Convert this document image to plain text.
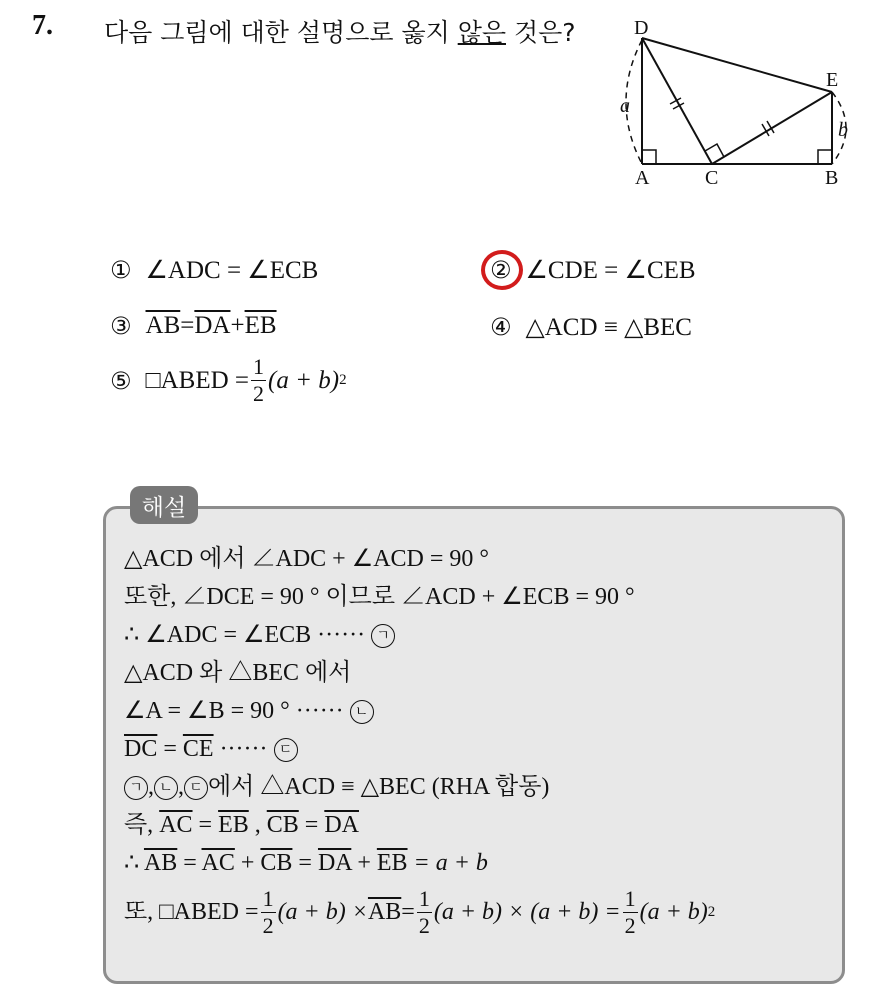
7. 다음 그림에 대한 설명으로 옳지 않은 것은?	D
E
A	C	B
a
b
① ∠ADC = ∠ECB	② ∠CDE = ∠CEB
③ $\overline{AB} = \overline{DA} + \overline{EB}$	④ △ACD ≡ △BEC
⑤ □ABED = $\frac{1}{2} (a + b)$ 2
해설
△ACD 에서 ∠ADC + ∠ACD = 90 °
또한, ∠DCE = 90 ° 이므로 ∠ACD + ∠ECB = 90 °
∴ ∠ADC = ∠ECB ······ ㄱ
△ACD 와 △BEC 에서
∠A = ∠B = 90 ° ······ ㄴ
$\overline{DC} = \overline{CE}$ ······ ㄷ
ㄱ , ㄴ , ㄷ 에서 △ACD ≡ △BEC (RHA 합동)
즉, $\overline{AC} = \overline{EB}$ , $\overline{CB} = \overline{DA}$
∴ $\overline{AB} = \overline{AC} + \overline{CB} = \overline{DA} + \overline{EB} = a + b$
또, □ABED = $\frac{1}{2} (a + b) \times \overline{AB} = \frac{1}{2} (a + b) \times (a + b) = \frac{1}{2} (a + b)$ 2
